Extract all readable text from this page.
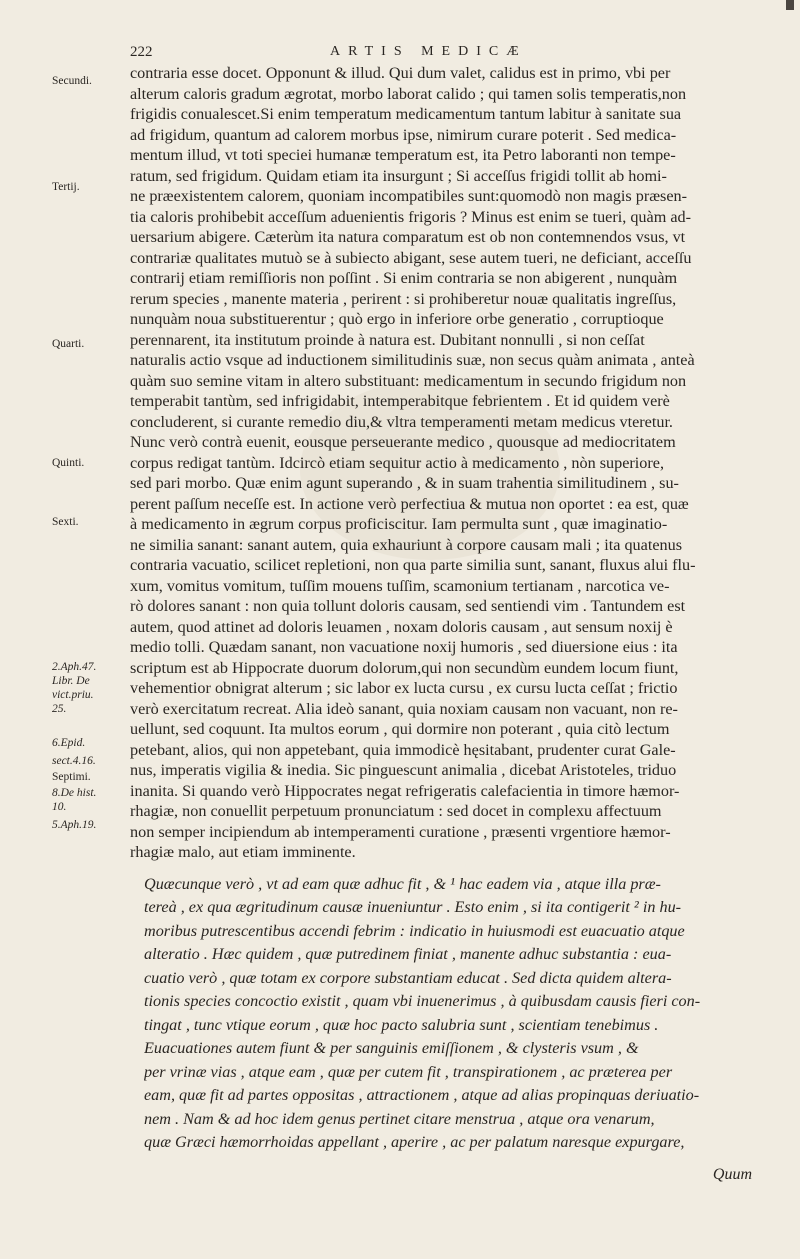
222	ARTIS MEDICÆ
Secundi.
Tertij.
Quarti.
Quinti.
Sexti.
2.Aph.47.
Libr. De
vict.priu.
25.
6.Epid.
sect.4.16.
Septimi.
8.De hist.
10.
5.Aph.19.
contraria esse docet. Opponunt & illud. Qui dum valet, calidus est in primo, vbi per
alterum caloris gradum ægrotat, morbo laborat calido ; qui tamen solis temperatis,non
frigidis conualescet.Si enim temperatum medicamentum tantum labitur à sanitate sua
ad frigidum, quantum ad calorem morbus ipse, nimirum curare poterit . Sed medica-
mentum illud, vt toti speciei humanæ temperatum est, ita Petro laboranti non tempe-
ratum, sed frigidum. Quidam etiam ita insurgunt ; Si acceſſus frigidi tollit ab homi-
ne præexistentem calorem, quoniam incompatibiles sunt:quomodò non magis præsen-
tia caloris prohibebit acceſſum aduenientis frigoris ? Minus est enim se tueri, quàm ad-
uersarium abigere. Cæterùm ita natura comparatum est ob non contemnendos vsus, vt
contrariæ qualitates mutuò se à subiecto abigant, sese autem tueri, ne deficiant, acceſſu
contrarij etiam remiſſioris non poſſint . Si enim contraria se non abigerent , nunquàm
rerum species , manente materia , perirent : si prohiberetur nouæ qualitatis ingreſſus,
nunquàm noua substituerentur ; quò ergo in inferiore orbe generatio , corruptioque
perennarent, ita institutum proinde à natura est. Dubitant nonnulli , si non ceſſat
naturalis actio vsque ad inductionem similitudinis suæ, non secus quàm animata , anteà
quàm suo semine vitam in altero substituant: medicamentum in secundo frigidum non
temperabit tantùm, sed infrigidabit, intemperabitque febrientem . Et id quidem verè
concluderent, si curante remedio diu,& vltra temperamenti metam medicus vteretur.
Nunc verò contrà euenit, eousque perseuerante medico , quousque ad mediocritatem
corpus redigat tantùm. Idcircò etiam sequitur actio à medicamento , nòn superiore,
sed pari morbo. Quæ enim agunt superando , & in suam trahentia similitudinem , su-
perent paſſum neceſſe est. In actione verò perfectiua & mutua non oportet : ea est, quæ
à medicamento in ægrum corpus proficiscitur. Iam permulta sunt , quæ imaginatio-
ne similia sanant: sanant autem, quia exhauriunt à corpore causam mali ; ita quatenus
contraria vacuatio, scilicet repletioni, non qua parte similia sunt, sanant, fluxus alui flu-
xum, vomitus vomitum, tuſſim mouens tuſſim, scamonium tertianam , narcotica ve-
rò dolores sanant : non quia tollunt doloris causam, sed sentiendi vim . Tantundem est
autem, quod attinet ad doloris leuamen , noxam doloris causam , aut sensum noxij è
medio tolli. Quædam sanant, non vacuatione noxij humoris , sed diuersione eius : ita
scriptum est ab Hippocrate duorum dolorum,qui non secundùm eundem locum fiunt,
vehementior obnigrat alterum ; sic labor ex lucta cursu , ex cursu lucta ceſſat ; frictio
verò exercitatum recreat. Alia ideò sanant, quia noxiam causam non vacuant, non re-
uellunt, sed coquunt. Ita multos eorum , qui dormire non poterant , quia citò lectum
petebant, alios, qui non appetebant, quia immodicè hęsitabant, prudenter curat Gale-
nus, imperatis vigilia & inedia. Sic pinguescunt animalia , dicebat Aristoteles, triduo
inanita. Si quando verò Hippocrates negat refrigeratis calefacientia in timore hæmor-
rhagiæ, non conuellit perpetuum pronunciatum : sed docet in complexu affectuum
non semper incipiendum ab intemperamenti curatione , præsenti vrgentiore hæmor-
rhagiæ malo, aut etiam imminente.
Quæcunque verò , vt ad eam quæ adhuc fit , & ¹ hac eadem via , atque illa præ-
tereà , ex qua ægritudinum causæ inueniuntur . Esto enim , si ita contigerit ² in hu-
moribus putrescentibus accendi febrim : indicatio in huiusmodi est euacuatio atque
alteratio . Hæc quidem , quæ putredinem finiat , manente adhuc substantia : eua-
cuatio verò , quæ totam ex corpore substantiam educat . Sed dicta quidem altera-
tionis species concoctio existit , quam vbi inuenerimus , à quibusdam causis fieri con-
tingat , tunc vtique eorum , quæ hoc pacto salubria sunt , scientiam tenebimus .
Euacuationes autem fiunt & per sanguinis emiſſionem , & clysteris vsum , &
per vrinæ vias , atque eam , quæ per cutem fit , transpirationem , ac præterea per
eam, quæ fit ad partes oppositas , attractionem , atque ad alias propinquas deriuatio-
nem . Nam & ad hoc idem genus pertinet citare menstrua , atque ora venarum,
quæ Græci hæmorrhoidas appellant , aperire , ac per palatum naresque expurgare,
Quum
